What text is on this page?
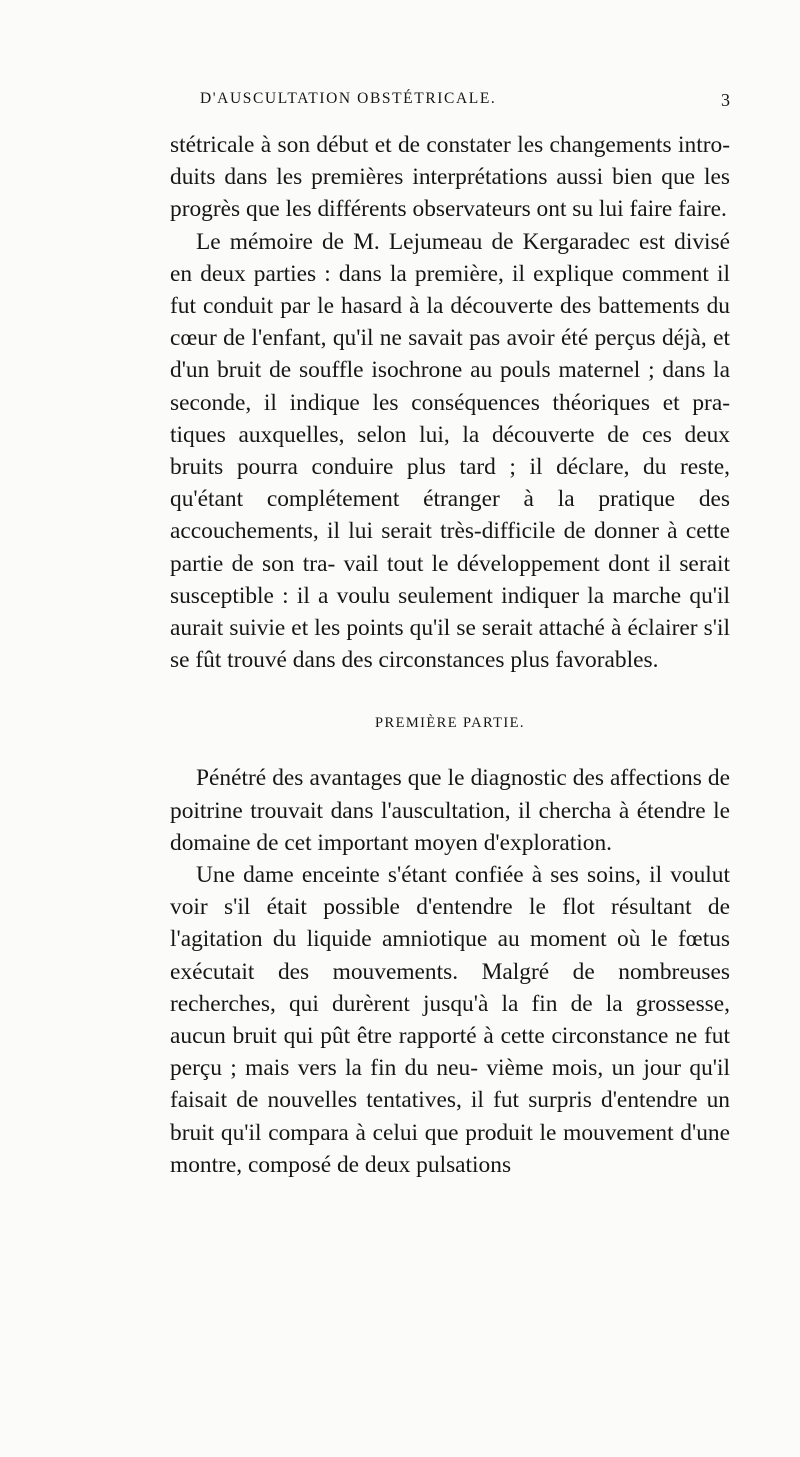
D'AUSCULTATION OBSTÉTRICALE.	3

stétricale à son début et de constater les changements intro- duits dans les premières interprétations aussi bien que les progrès que les différents observateurs ont su lui faire faire.

Le mémoire de M. Lejumeau de Kergaradec est divisé en deux parties : dans la première, il explique comment il fut conduit par le hasard à la découverte des battements du cœur de l'enfant, qu'il ne savait pas avoir été perçus déjà, et d'un bruit de souffle isochrone au pouls maternel ; dans la seconde, il indique les conséquences théoriques et pra- tiques auxquelles, selon lui, la découverte de ces deux bruits pourra conduire plus tard ; il déclare, du reste, qu'étant complétement étranger à la pratique des accouchements, il lui serait très-difficile de donner à cette partie de son tra- vail tout le développement dont il serait susceptible : il a voulu seulement indiquer la marche qu'il aurait suivie et les points qu'il se serait attaché à éclairer s'il se fût trouvé dans des circonstances plus favorables.

PREMIÈRE PARTIE.

Pénétré des avantages que le diagnostic des affections de poitrine trouvait dans l'auscultation, il chercha à étendre le domaine de cet important moyen d'exploration.

Une dame enceinte s'étant confiée à ses soins, il voulut voir s'il était possible d'entendre le flot résultant de l'agitation du liquide amniotique au moment où le fœtus exécutait des mouvements. Malgré de nombreuses recherches, qui durèrent jusqu'à la fin de la grossesse, aucun bruit qui pût être rapporté à cette circonstance ne fut perçu ; mais vers la fin du neu- vième mois, un jour qu'il faisait de nouvelles tentatives, il fut surpris d'entendre un bruit qu'il compara à celui que produit le mouvement d'une montre, composé de deux pulsations
